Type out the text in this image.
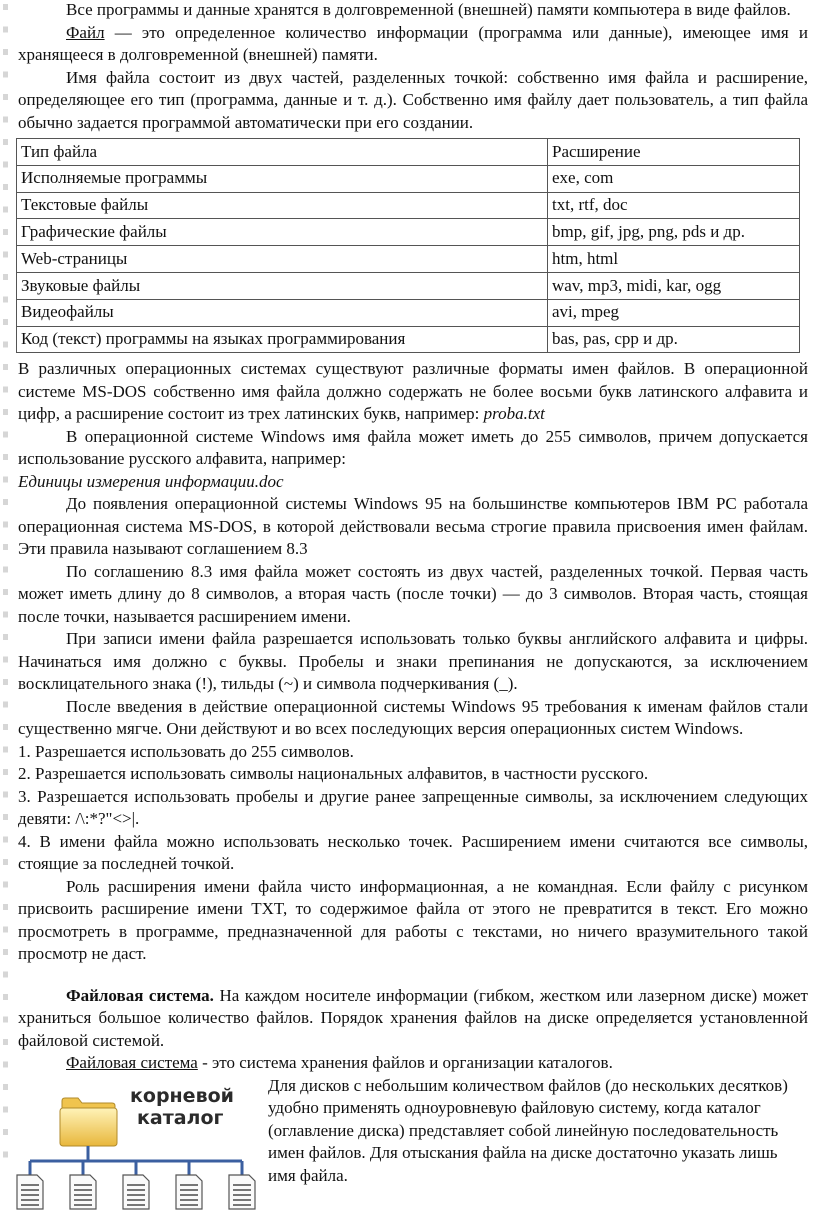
Все программы и данные хранятся в долговременной (внешней) памяти компьютера в виде файлов.

Файл — это определенное количество информации (программа или данные), имеющее имя и хранящееся в долговременной (внешней) памяти.

Имя файла состоит из двух частей, разделенных точкой: собственно имя файла и расширение, определяющее его тип (программа, данные и т. д.). Собственно имя файлу дает пользователь, а тип файла обычно задается программой автоматически при его создании.

Тип файла	Расширение
Исполняемые программы	exe, com
Текстовые файлы	txt, rtf, doc
Графические файлы	bmp, gif, jpg, png, pds и др.
Web-страницы	htm, html
Звуковые файлы	wav, mp3, midi, kar, ogg
Видеофайлы	avi, mpeg
Код (текст) программы на языках программирования	bas, pas, cpp и др.

В различных операционных системах существуют различные форматы имен файлов. В операционной системе MS-DOS собственно имя файла должно содержать не более восьми букв латинского алфавита и цифр, а расширение состоит из трех латинских букв, например: proba.txt

В операционной системе Windows имя файла может иметь до 255 символов, причем допускается использование русского алфавита, например:

Единицы измерения информации.doc

До появления операционной системы Windows 95 на большинстве компьютеров IBM PC работала операционная система MS-DOS, в которой действовали весьма строгие правила присвоения имен файлам. Эти правила называют соглашением 8.3

По соглашению 8.3 имя файла может состоять из двух частей, разделенных точкой. Первая часть может иметь длину до 8 символов, а вторая часть (после точки) — до 3 символов. Вторая часть, стоящая после точки, называется расширением имени.

При записи имени файла разрешается использовать только буквы английского алфавита и цифры. Начинаться имя должно с буквы. Пробелы и знаки препинания не допускаются, за исключением восклицательного знака (!), тильды (~) и символа подчеркивания (_).

После введения в действие операционной системы Windows 95 требования к именам файлов стали существенно мягче. Они действуют и во всех последующих версия операционных систем Windows.

1. Разрешается использовать до 255 символов.

2. Разрешается использовать символы национальных алфавитов, в частности русского.

3. Разрешается использовать пробелы и другие ранее запрещенные символы, за исключением следующих девяти: /\:*?"<>|.

4. В имени файла можно использовать несколько точек. Расширением имени считаются все символы, стоящие за последней точкой.

Роль расширения имени файла чисто информационная, а не командная. Если файлу с рисунком присвоить расширение имени TXT, то содержимое файла от этого не превратится в текст. Его можно просмотреть в программе, предназначенной для работы с текстами, но ничего вразумительного такой просмотр не даст.

Файловая система. На каждом носителе информации (гибком, жестком или лазерном диске) может храниться большое количество файлов. Порядок хранения файлов на диске определяется установленной файловой системой.

Файловая система - это система хранения файлов и организации каталогов.

корневой
каталог

Для дисков с небольшим количеством файлов (до нескольких десятков) удобно применять одноуровневую файловую систему, когда каталог (оглавление диска) представляет собой линейную последовательность имен файлов. Для отыскания файла на диске достаточно указать лишь имя файла.
